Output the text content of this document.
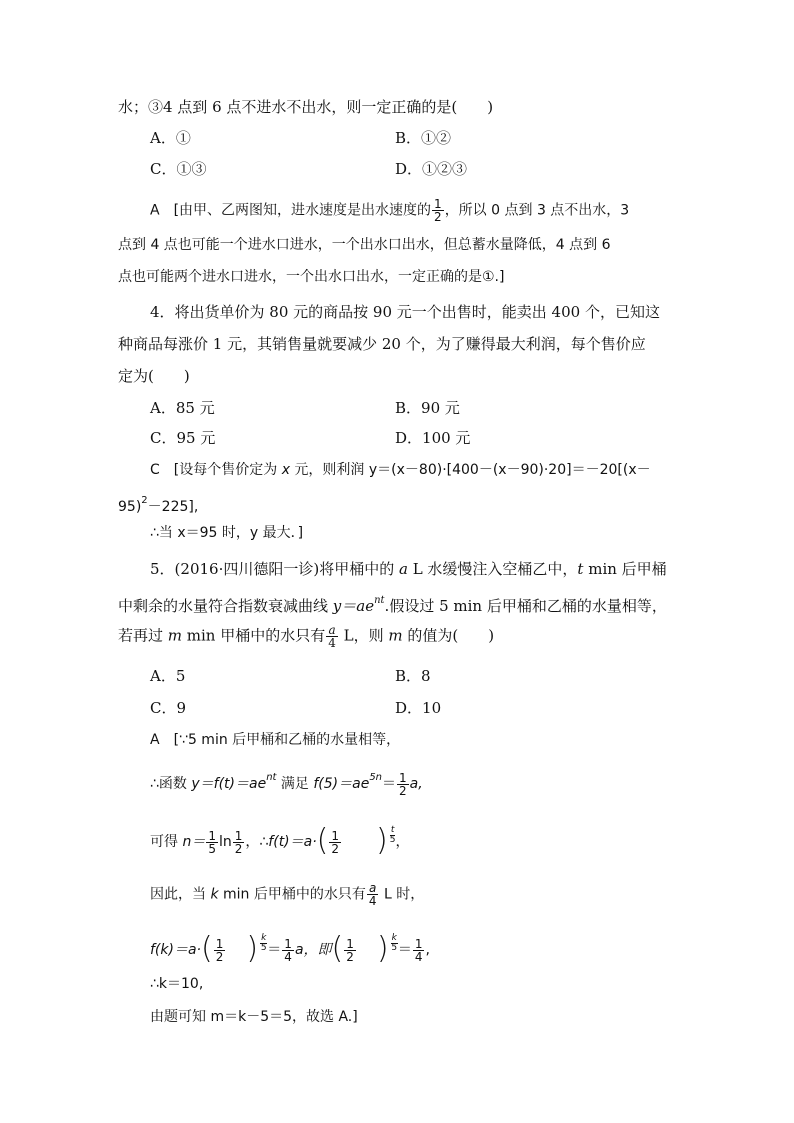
水；③4 点到 6 点不进水不出水，则一定正确的是(　　)
A．①	B．①②
C．①③	D．①②③
A　[由甲、乙两图知，进水速度是出水速度的 $\frac{1}{2}$ ，所以 0 点到 3 点不出水，3
点到 4 点也可能一个进水口进水，一个出水口出水，但总蓄水量降低，4 点到 6
点也可能两个进水口进水，一个出水口出水，一定正确的是①.]
4．将出货单价为 80 元的商品按 90 元一个出售时，能卖出 400 个，已知这
种商品每涨价 1 元，其销售量就要减少 20 个，为了赚得最大利润，每个售价应
定为(　　)
A．85 元	B．90 元
C．95 元	D．100 元
C　[设每个售价定为 x 元，则利润 y＝(x－80)·[400－(x－90)·20]＝－20[(x－
95)$^2$－225],
∴当 x＝95 时，y 最大．]
5．(2016·四川德阳一诊)将甲桶中的 a L 水缓慢注入空桶乙中，t min 后甲桶
中剩余的水量符合指数衰减曲线 $y=ae^{nt}$.假设过 5 min 后甲桶和乙桶的水量相等，
若再过 m min 甲桶中的水只有 $\frac{a}{4}$ L，则 m 的值为(　　)
A．5	B．8
C．9	D．10
A　[∵5 min 后甲桶和乙桶的水量相等，
∴函数 $y=f(t)=ae^{nt}$ 满足 $f(5)=ae^{5n}= \frac{1}{2} a$,
可得 $n= \frac{1}{5}$ $\ln \frac{1}{2}$ ，∴f(t)＝a·( $\frac{1}{2}$ ) $\frac{t}{5}$ ，
因此，当 k min 后甲桶中的水只有 $\frac{a}{4}$ L 时，
$f(k)=a\cdot( \frac{1}{2}$ ) $\frac{k}{5} = \frac{1}{4}$ a，即( $\frac{1}{2}$ ) $\frac{k}{5} = \frac{1}{4}$ ,
∴k＝10,
由题可知 m＝k－5＝5，故选 A.]
